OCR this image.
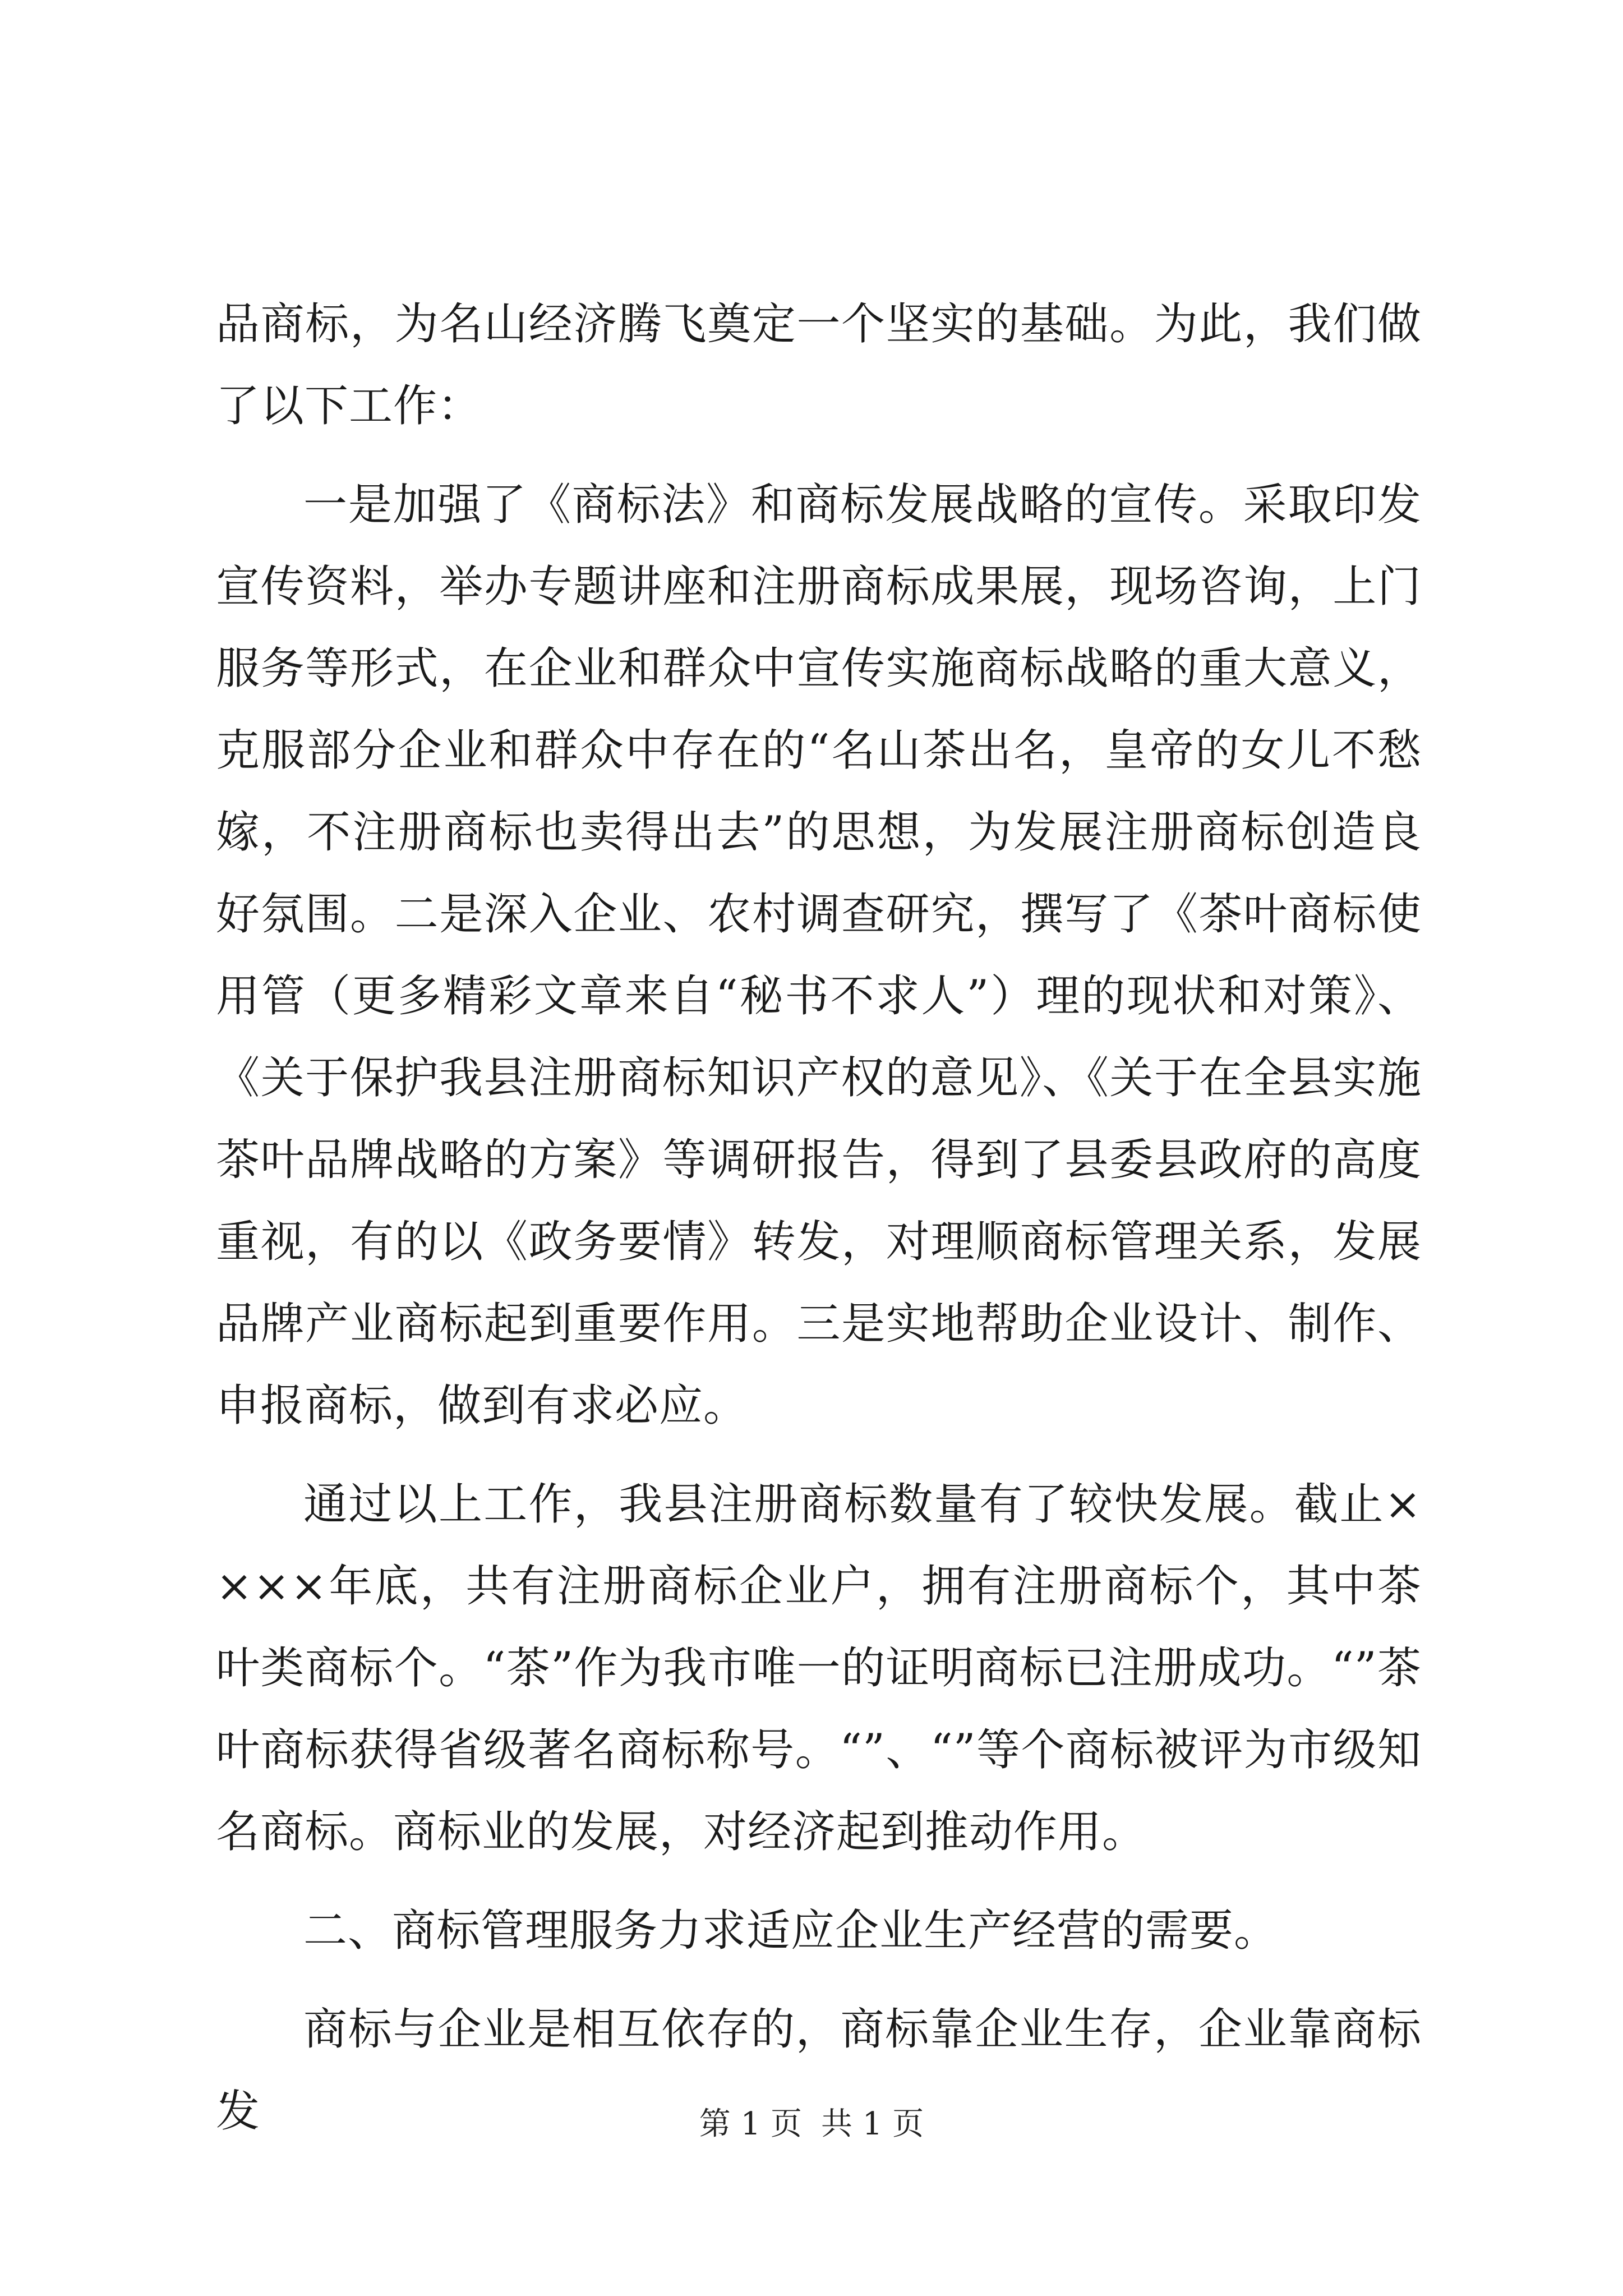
品商标，为名山经济腾飞奠定一个坚实的基础。为此，我们做了以下工作：

一是加强了《商标法》和商标发展战略的宣传。采取印发宣传资料，举办专题讲座和注册商标成果展，现场咨询，上门服务等形式，在企业和群众中宣传实施商标战略的重大意义，克服部分企业和群众中存在的“名山茶出名，皇帝的女儿不愁嫁，不注册商标也卖得出去”的思想，为发展注册商标创造良好氛围。二是深入企业、农村调查研究，撰写了《茶叶商标使用管（更多精彩文章来自“秘书不求人”）理的现状和对策》、《关于保护我县注册商标知识产权的意见》、《关于在全县实施茶叶品牌战略的方案》等调研报告，得到了县委县政府的高度重视，有的以《政务要情》转发，对理顺商标管理关系，发展品牌产业商标起到重要作用。三是实地帮助企业设计、制作、申报商标，做到有求必应。

通过以上工作，我县注册商标数量有了较快发展。截止××××年底，共有注册商标企业户，拥有注册商标个，其中茶叶类商标个。“茶”作为我市唯一的证明商标已注册成功。“”茶叶商标获得省级著名商标称号。“”、“”等个商标被评为市级知名商标。商标业的发展，对经济起到推动作用。

二、商标管理服务力求适应企业生产经营的需要。

商标与企业是相互依存的，商标靠企业生存，企业靠商标发	第 1 页 共 1 页
